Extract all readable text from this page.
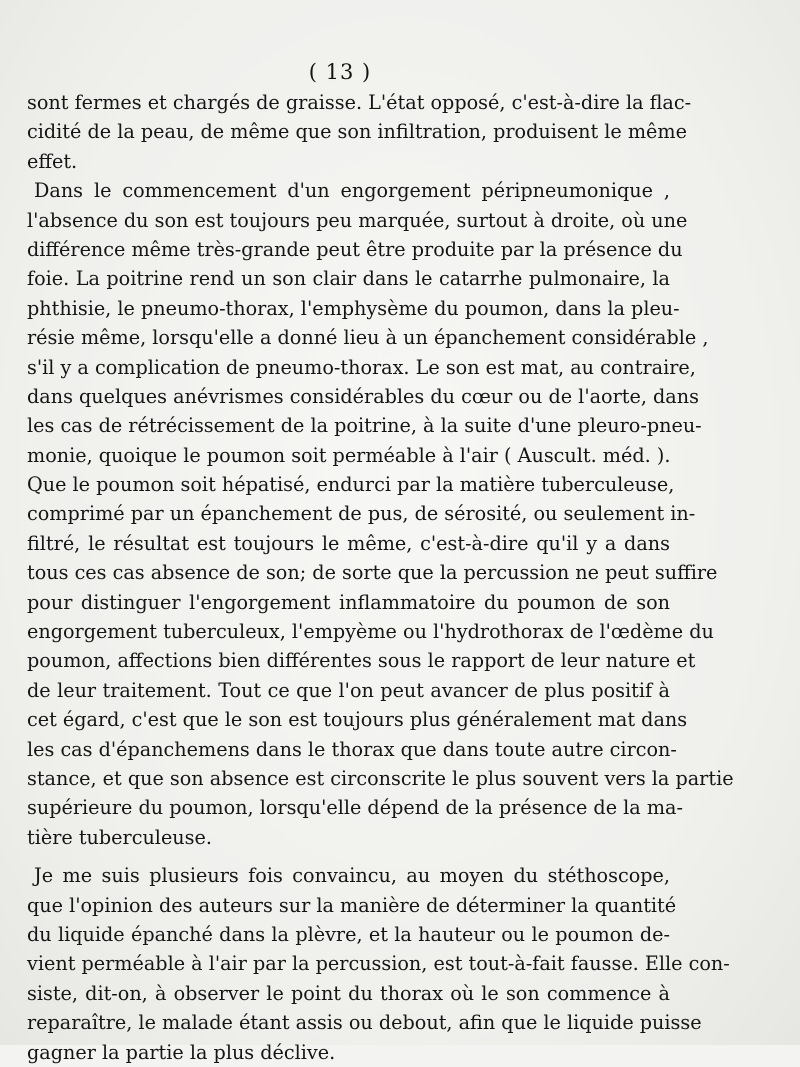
( 13 )
sont fermes et chargés de graisse. L'état opposé, c'est-à-dire la flac-
cidité de la peau, de même que son infiltration, produisent le même
effet.
Dans le commencement d'un engorgement péripneumonique ,
l'absence du son est toujours peu marquée, surtout à droite, où une
différence même très-grande peut être produite par la présence du
foie. La poitrine rend un son clair dans le catarrhe pulmonaire, la
phthisie, le pneumo-thorax, l'emphysème du poumon, dans la pleu-
résie même, lorsqu'elle a donné lieu à un épanchement considérable ,
s'il y a complication de pneumo-thorax. Le son est mat, au contraire,
dans quelques anévrismes considérables du cœur ou de l'aorte, dans
les cas de rétrécissement de la poitrine, à la suite d'une pleuro-pneu-
monie, quoique le poumon soit perméable à l'air ( Auscult. méd. ).
Que le poumon soit hépatisé, endurci par la matière tuberculeuse,
comprimé par un épanchement de pus, de sérosité, ou seulement in-
filtré, le résultat est toujours le même, c'est-à-dire qu'il y a dans
tous ces cas absence de son; de sorte que la percussion ne peut suffire
pour distinguer l'engorgement inflammatoire du poumon de son
engorgement tuberculeux, l'empyème ou l'hydrothorax de l'œdème du
poumon, affections bien différentes sous le rapport de leur nature et
de leur traitement. Tout ce que l'on peut avancer de plus positif à
cet égard, c'est que le son est toujours plus généralement mat dans
les cas d'épanchemens dans le thorax que dans toute autre circon-
stance, et que son absence est circonscrite le plus souvent vers la partie
supérieure du poumon, lorsqu'elle dépend de la présence de la ma-
tière tuberculeuse.
Je me suis plusieurs fois convaincu, au moyen du stéthoscope,
que l'opinion des auteurs sur la manière de déterminer la quantité
du liquide épanché dans la plèvre, et la hauteur ou le poumon de-
vient perméable à l'air par la percussion, est tout-à-fait fausse. Elle con-
siste, dit-on, à observer le point du thorax où le son commence à
reparaître, le malade étant assis ou debout, afin que le liquide puisse
gagner la partie la plus déclive.
